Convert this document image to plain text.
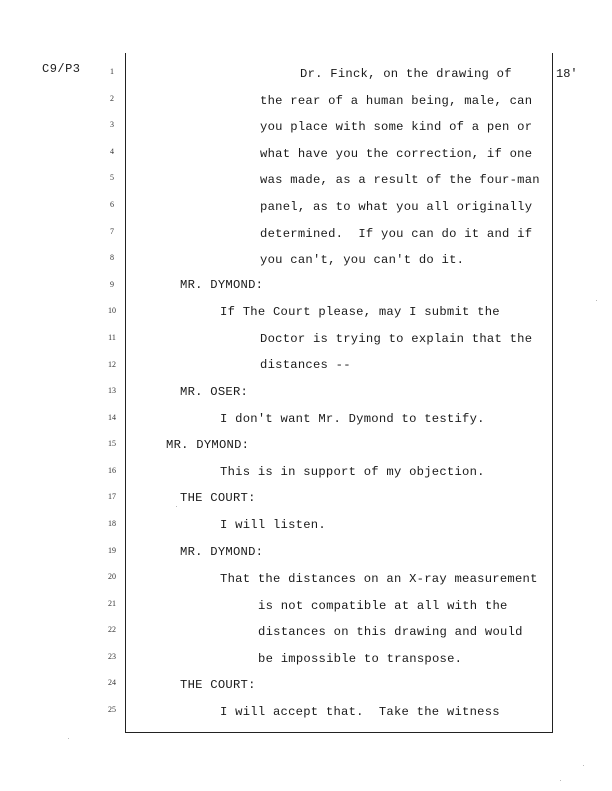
C9/P3	18'
1
2
3
4
5
6
7
8
9
10
11
12
13
14
15
16
17
18
19
20
21
22
23
24
25
Dr. Finck, on the drawing of
the rear of a human being, male, can
you place with some kind of a pen or
what have you the correction, if one
was made, as a result of the four-man
panel, as to what you all originally
determined.  If you can do it and if
you can't, you can't do it.
MR. DYMOND:
If The Court please, may I submit the
Doctor is trying to explain that the
distances --
MR. OSER:
I don't want Mr. Dymond to testify.
MR. DYMOND:
This is in support of my objection.
THE COURT:
I will listen.
MR. DYMOND:
That the distances on an X-ray measurement
is not compatible at all with the
distances on this drawing and would
be impossible to transpose.
THE COURT:
I will accept that.  Take the witness
